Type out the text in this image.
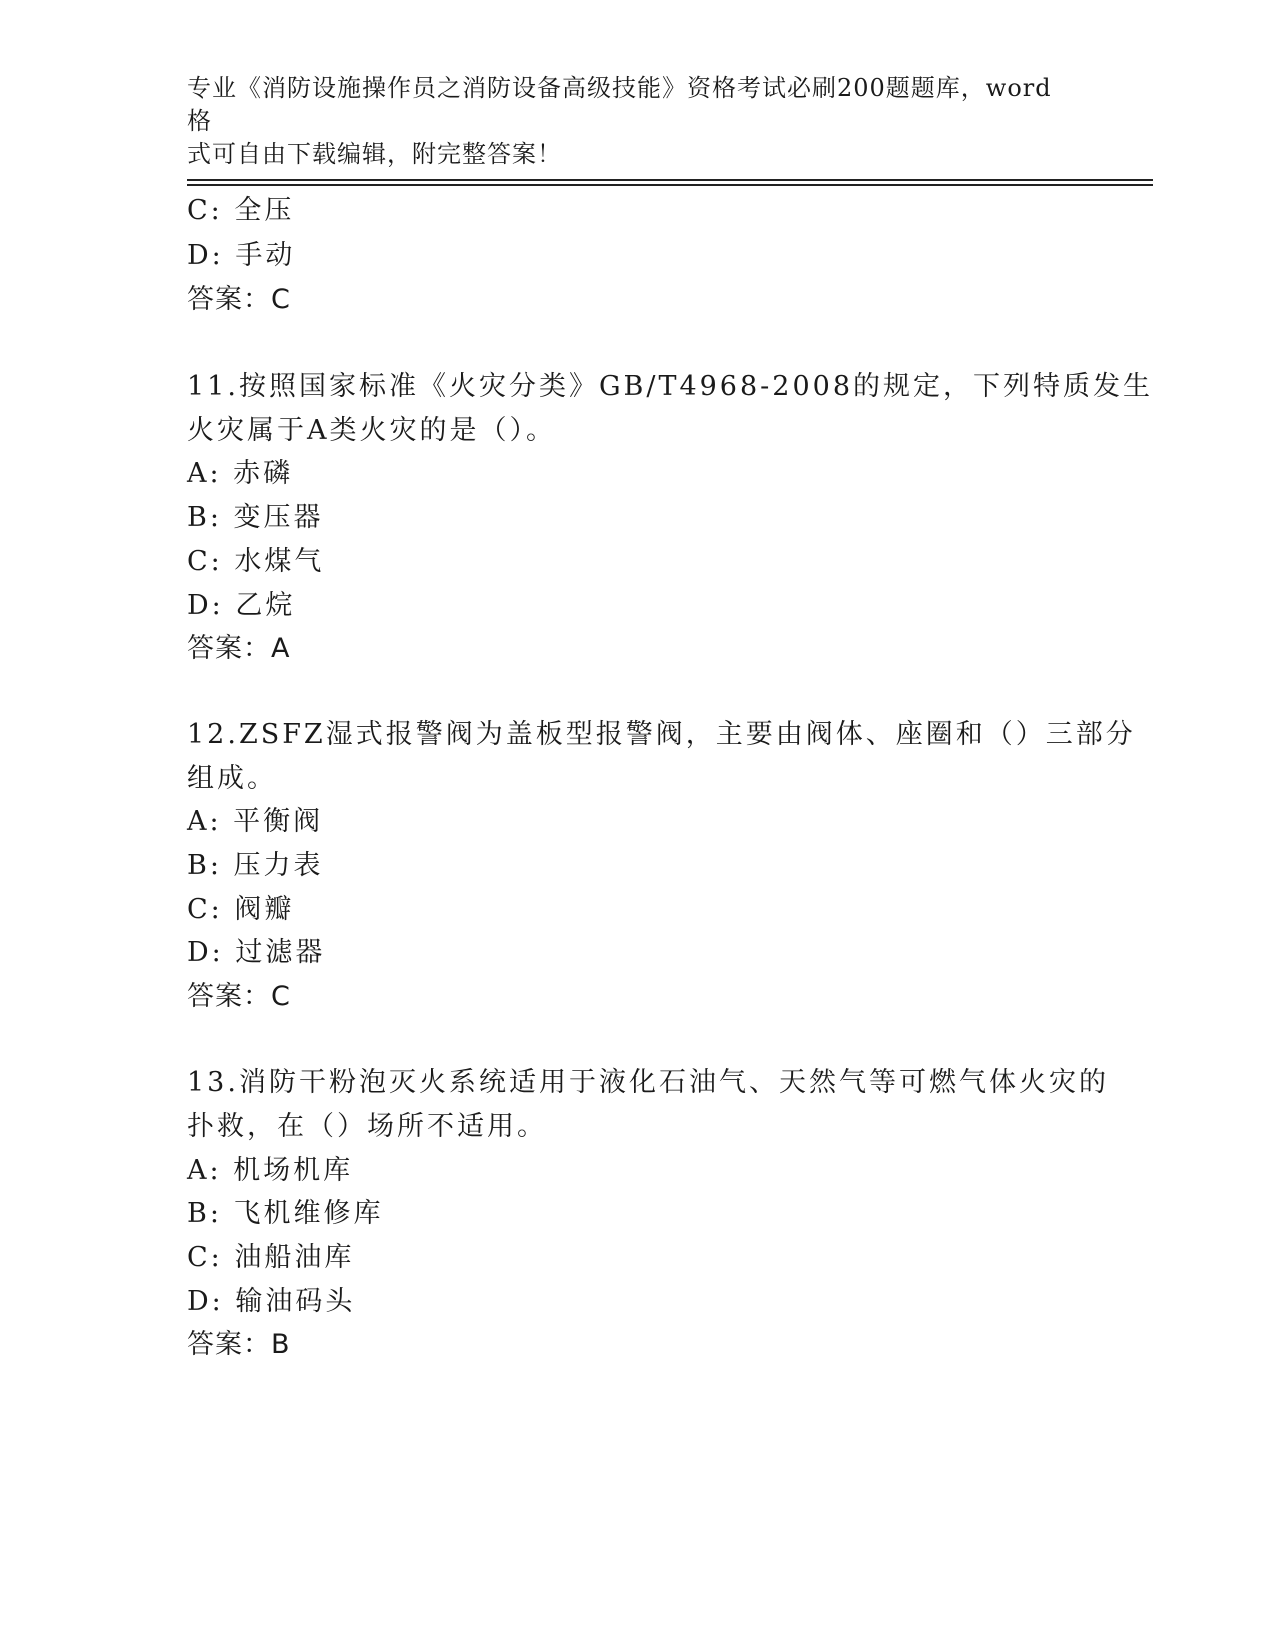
专业《消防设施操作员之消防设备高级技能》资格考试必刷200题题库，word格
式可自由下载编辑，附完整答案！
C: 全压
D: 手动
答案：C
11.按照国家标准《火灾分类》GB/T4968-2008的规定，下列特质发生
火灾属于A类火灾的是（）。
A: 赤磷
B: 变压器
C: 水煤气
D: 乙烷
答案：A
12.ZSFZ湿式报警阀为盖板型报警阀，主要由阀体、座圈和（）三部分
组成。
A: 平衡阀
B: 压力表
C: 阀瓣
D: 过滤器
答案：C
13.消防干粉泡灭火系统适用于液化石油气、天然气等可燃气体火灾的
扑救，在（）场所不适用。
A: 机场机库
B: 飞机维修库
C: 油船油库
D: 输油码头
答案：B
